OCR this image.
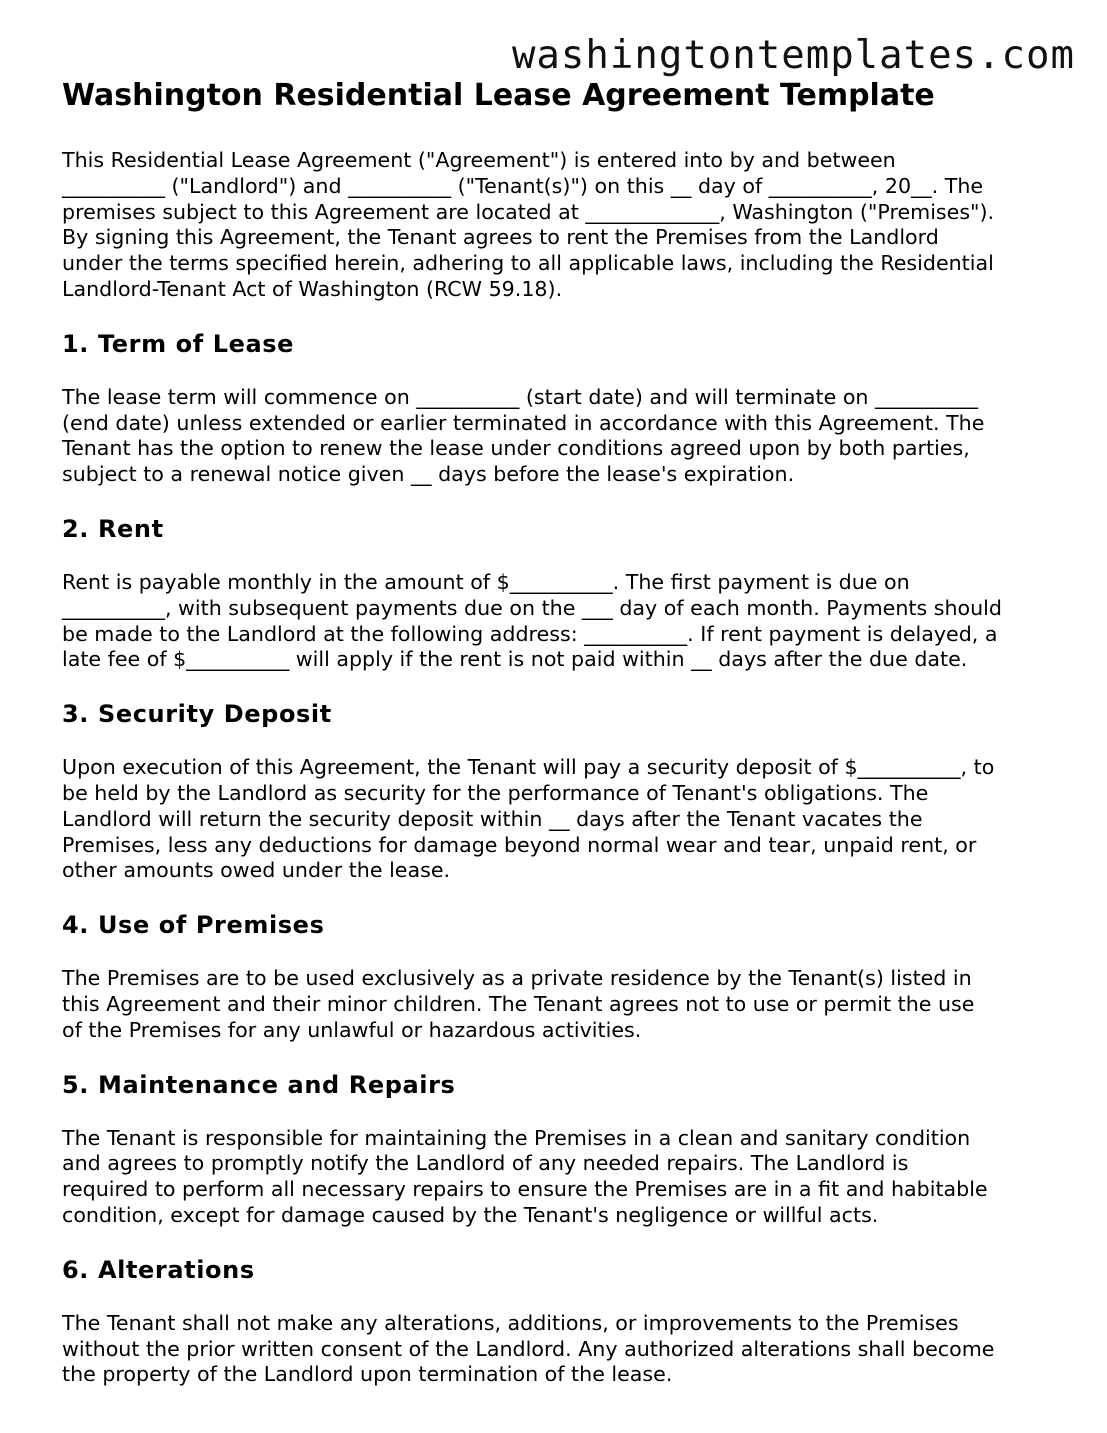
washingtontemplates.com
Washington Residential Lease Agreement Template

This Residential Lease Agreement ("Agreement") is entered into by and between
__________ ("Landlord") and __________ ("Tenant(s)") on this __ day of __________, 20__. The
premises subject to this Agreement are located at _____________, Washington ("Premises").
By signing this Agreement, the Tenant agrees to rent the Premises from the Landlord
under the terms specified herein, adhering to all applicable laws, including the Residential
Landlord-Tenant Act of Washington (RCW 59.18).

1. Term of Lease

The lease term will commence on __________ (start date) and will terminate on __________
(end date) unless extended or earlier terminated in accordance with this Agreement. The
Tenant has the option to renew the lease under conditions agreed upon by both parties,
subject to a renewal notice given __ days before the lease's expiration.

2. Rent

Rent is payable monthly in the amount of $__________. The first payment is due on
__________, with subsequent payments due on the ___ day of each month. Payments should
be made to the Landlord at the following address: __________. If rent payment is delayed, a
late fee of $__________ will apply if the rent is not paid within __ days after the due date.

3. Security Deposit

Upon execution of this Agreement, the Tenant will pay a security deposit of $__________, to
be held by the Landlord as security for the performance of Tenant's obligations. The
Landlord will return the security deposit within __ days after the Tenant vacates the
Premises, less any deductions for damage beyond normal wear and tear, unpaid rent, or
other amounts owed under the lease.

4. Use of Premises

The Premises are to be used exclusively as a private residence by the Tenant(s) listed in
this Agreement and their minor children. The Tenant agrees not to use or permit the use
of the Premises for any unlawful or hazardous activities.

5. Maintenance and Repairs

The Tenant is responsible for maintaining the Premises in a clean and sanitary condition
and agrees to promptly notify the Landlord of any needed repairs. The Landlord is
required to perform all necessary repairs to ensure the Premises are in a fit and habitable
condition, except for damage caused by the Tenant's negligence or willful acts.

6. Alterations

The Tenant shall not make any alterations, additions, or improvements to the Premises
without the prior written consent of the Landlord. Any authorized alterations shall become
the property of the Landlord upon termination of the lease.
